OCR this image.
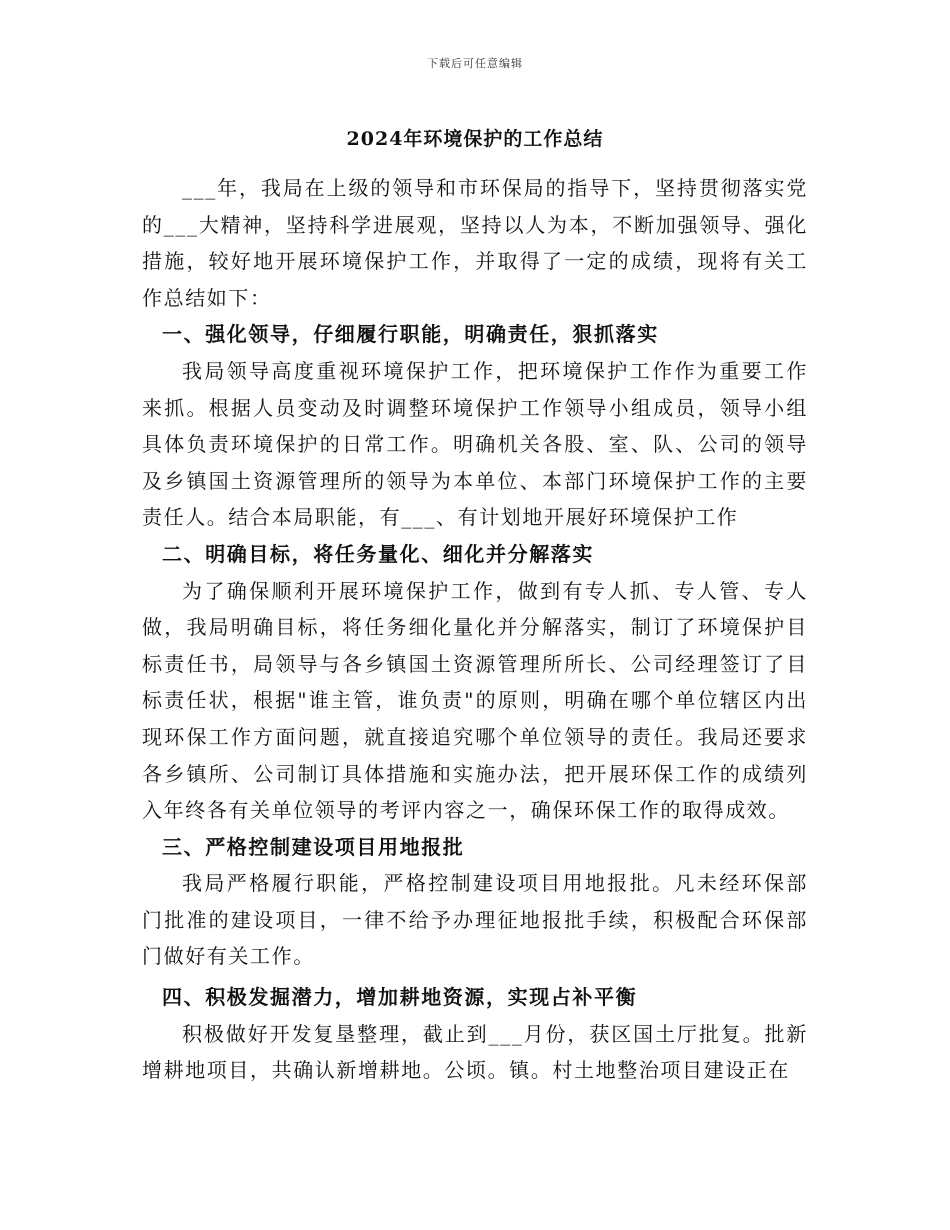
下载后可任意编辑
2024年环境保护的工作总结

___年，我局在上级的领导和市环保局的指导下，坚持贯彻落实党的___大精神，坚持科学进展观，坚持以人为本，不断加强领导、强化措施，较好地开展环境保护工作，并取得了一定的成绩，现将有关工作总结如下：

一、强化领导，仔细履行职能，明确责任，狠抓落实

我局领导高度重视环境保护工作，把环境保护工作作为重要工作来抓。根据人员变动及时调整环境保护工作领导小组成员，领导小组具体负责环境保护的日常工作。明确机关各股、室、队、公司的领导及乡镇国土资源管理所的领导为本单位、本部门环境保护工作的主要责任人。结合本局职能，有___、有计划地开展好环境保护工作

二、明确目标，将任务量化、细化并分解落实

为了确保顺利开展环境保护工作，做到有专人抓、专人管、专人做，我局明确目标，将任务细化量化并分解落实，制订了环境保护目标责任书，局领导与各乡镇国土资源管理所所长、公司经理签订了目标责任状，根据"谁主管，谁负责"的原则，明确在哪个单位辖区内出现环保工作方面问题，就直接追究哪个单位领导的责任。我局还要求各乡镇所、公司制订具体措施和实施办法，把开展环保工作的成绩列入年终各有关单位领导的考评内容之一，确保环保工作的取得成效。

三、严格控制建设项目用地报批

我局严格履行职能，严格控制建设项目用地报批。凡未经环保部门批准的建设项目，一律不给予办理征地报批手续，积极配合环保部门做好有关工作。

四、积极发掘潜力，增加耕地资源，实现占补平衡

积极做好开发复垦整理，截止到___月份，获区国土厅批复。批新增耕地项目，共确认新增耕地。公顷。镇。村土地整治项目建设正在
